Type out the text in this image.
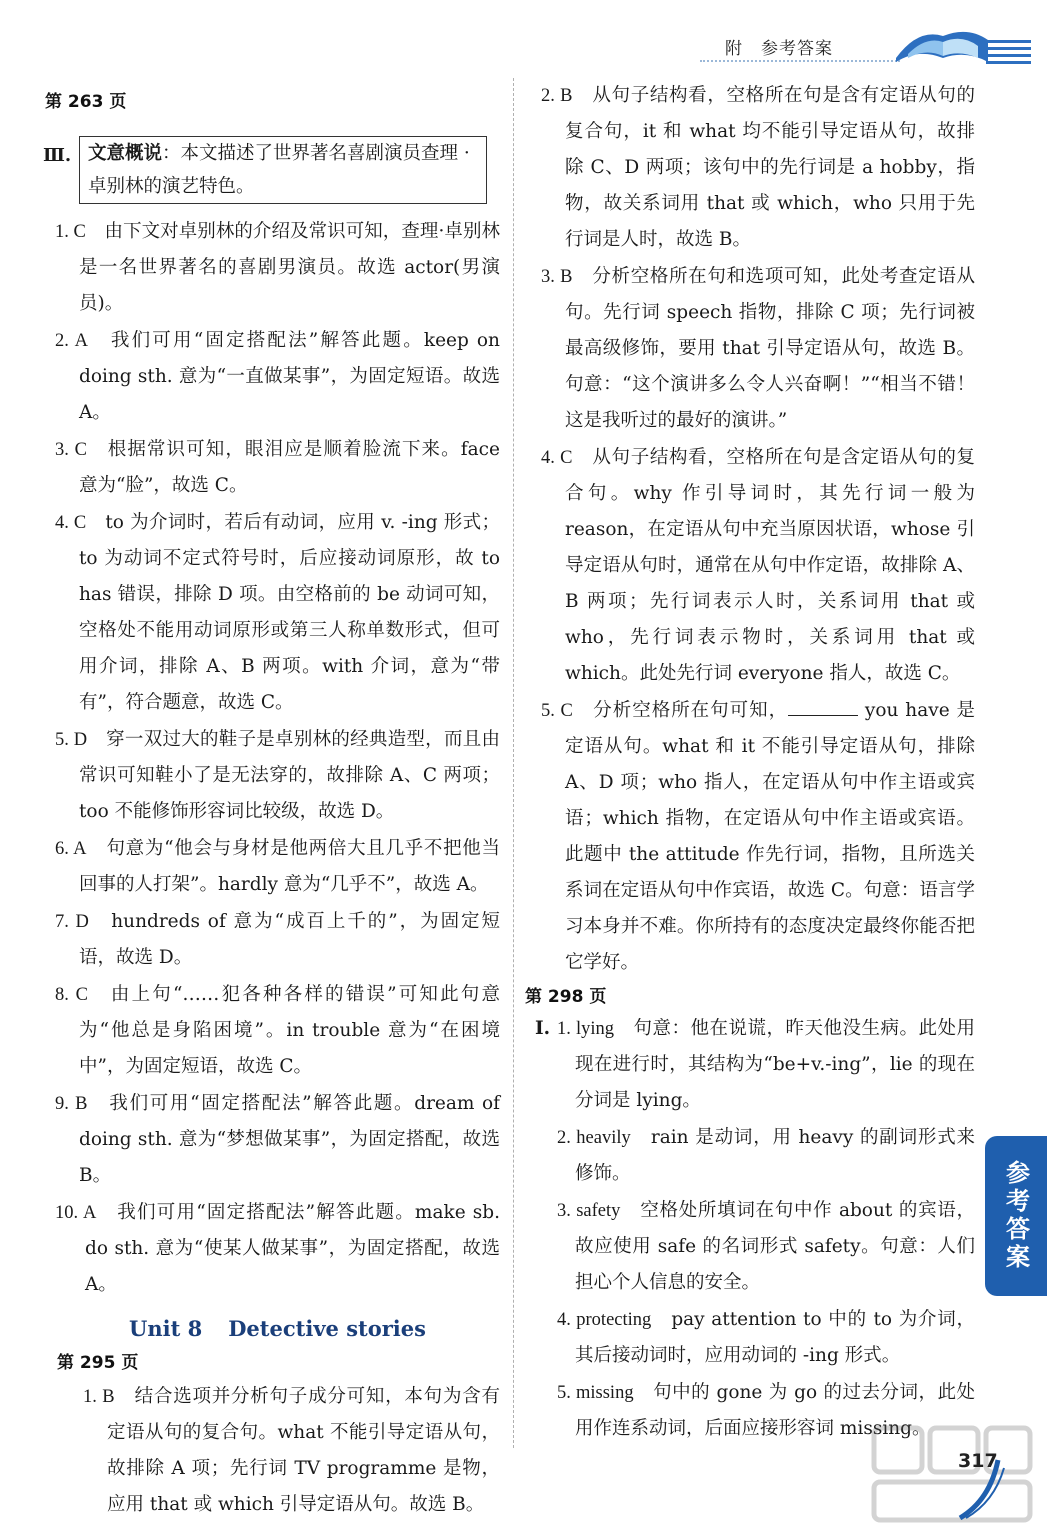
附　参考答案
第 263 页
Ⅲ. 文意概说：本文描述了世界著名喜剧演员查理 · 卓别林的演艺特色。
1. C　 由下文对卓别林的介绍及常识可知，查理·卓别林是一名世界著名的喜剧男演员。故选 actor(男演员)。
2. A　 我们可用“固定搭配法”解答此题。keep on doing sth. 意为“一直做某事”，为固定短语。故选A。
3. C　 根据常识可知，眼泪应是顺着脸流下来。face 意为“脸”，故选 C。
4. C　 to 为介词时，若后有动词，应用 v. -ing 形式；to 为动词不定式符号时，后应接动词原形，故 to has 错误，排除 D 项。由空格前的 be 动词可知，空格处不能用动词原形或第三人称单数形式，但可用介词，排除 A、B 两项。with 介词，意为“带有”，符合题意，故选 C。
5. D　 穿一双过大的鞋子是卓别林的经典造型，而且由常识可知鞋小了是无法穿的，故排除 A、C 两项；too 不能修饰形容词比较级，故选 D。
6. A　 句意为“他会与身材是他两倍大且几乎不把他当回事的人打架”。hardly 意为“几乎不”，故选 A。
7. D　 hundreds of 意为“成百上千的”，为固定短语，故选 D。
8. C　 由上句“……犯各种各样的错误”可知此句意为“他总是身陷困境”。in trouble 意为“在困境中”，为固定短语，故选 C。
9. B　 我们可用“固定搭配法”解答此题。dream of doing sth. 意为“梦想做某事”，为固定搭配，故选 B。
10. A　 我们可用“固定搭配法”解答此题。make sb. do sth. 意为“使某人做某事”，为固定搭配，故选 A。
Unit 8 Detective stories
第 295 页
1. B　 结合选项并分析句子成分可知，本句为含有定语从句的复合句。what 不能引导定语从句，故排除 A 项；先行词 TV programme 是物，应用 that 或 which 引导定语从句。故选 B。
2. B　 从句子结构看，空格所在句是含有定语从句的复合句，it 和 what 均不能引导定语从句，故排除 C、D 两项；该句中的先行词是 a hobby，指物，故关系词用 that 或 which，who 只用于先行词是人时，故选 B。
3. B　 分析空格所在句和选项可知，此处考查定语从句。先行词 speech 指物，排除 C 项；先行词被最高级修饰，要用 that 引导定语从句，故选 B。句意：“这个演讲多么令人兴奋啊！”“相当不错！这是我听过的最好的演讲。”
4. C　 从句子结构看，空格所在句是含定语从句的复合句。why 作引导词时，其先行词一般为 reason，在定语从句中充当原因状语，whose 引导定语从句时，通常在从句中作定语，故排除 A、B 两项；先行词表示人时，关系词用 that 或 who，先行词表示物时，关系词用 that 或 which。此处先行词 everyone 指人，故选 C。
5. C　 分析空格所在句可知，	you have 是定语从句。what 和 it 不能引导定语从句，排除 A、D 项；who 指人，在定语从句中作主语或宾语；which 指物，在定语从句中作主语或宾语。此题中 the attitude 作先行词，指物，且所选关系词在定语从句中作宾语，故选 C。句意：语言学习本身并不难。你所持有的态度决定最终你能否把它学好。
第 298 页
Ⅰ. 1. lying　 句意：他在说谎，昨天他没生病。此处用现在进行时，其结构为“be+v.-ing”，lie 的现在分词是 lying。
2. heavily　 rain 是动词，用 heavy 的副词形式来修饰。
3. safety　 空格处所填词在句中作 about 的宾语，故应使用 safe 的名词形式 safety。句意：人们担心个人信息的安全。
4. protecting　 pay attention to 中的 to 为介词，其后接动词时，应用动词的 -ing 形式。
5. missing　 句中的 gone 为 go 的过去分词，此处用作连系动词，后面应接形容词 missing。
参考答案
317
